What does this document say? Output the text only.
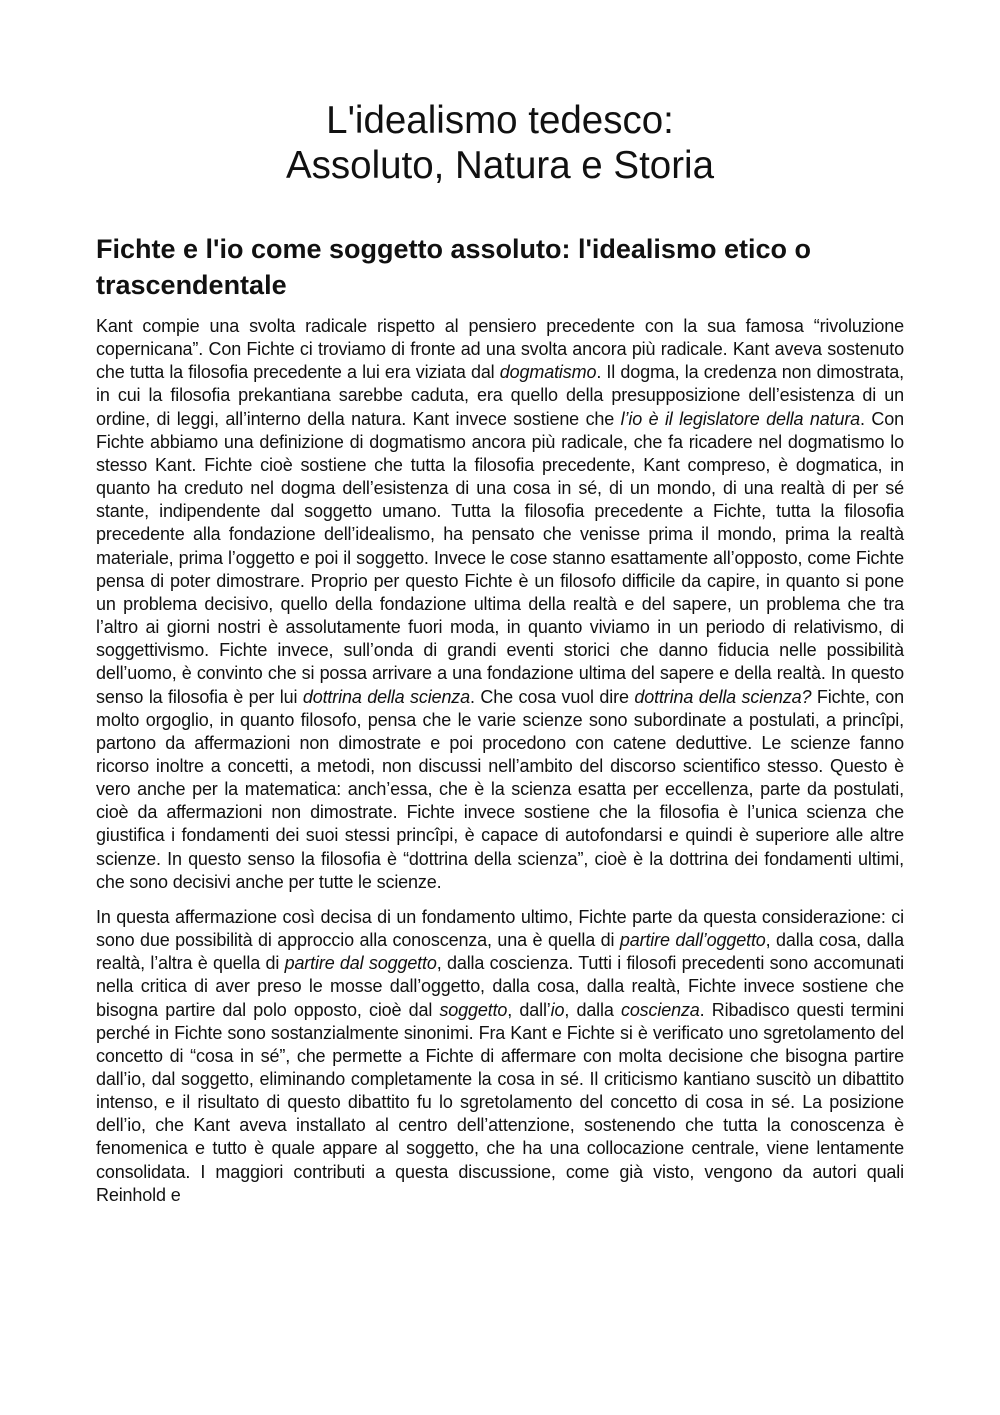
L'idealismo tedesco:
Assoluto, Natura e Storia
Fichte e l'io come soggetto assoluto: l'idealismo etico o trascendentale

Kant compie una svolta radicale rispetto al pensiero precedente con la sua famosa “rivoluzione copernicana”. Con Fichte ci troviamo di fronte ad una svolta ancora più radicale. Kant aveva sostenuto che tutta la filosofia precedente a lui era viziata dal dogmatismo. Il dogma, la credenza non dimostrata, in cui la filosofia prekantiana sarebbe caduta, era quello della presupposizione dell’esistenza di un ordine, di leggi, all’interno della natura. Kant invece sostiene che l’io è il legislatore della natura. Con Fichte abbiamo una definizione di dogmatismo ancora più radicale, che fa ricadere nel dogmatismo lo stesso Kant. Fichte cioè sostiene che tutta la filosofia precedente, Kant compreso, è dogmatica, in quanto ha creduto nel dogma dell’esistenza di una cosa in sé, di un mondo, di una realtà di per sé stante, indipendente dal soggetto umano. Tutta la filosofia precedente a Fichte, tutta la filosofia precedente alla fondazione dell’idealismo, ha pensato che venisse prima il mondo, prima la realtà materiale, prima l’oggetto e poi il soggetto. Invece le cose stanno esattamente all’opposto, come Fichte pensa di poter dimostrare. Proprio per questo Fichte è un filosofo difficile da capire, in quanto si pone un problema decisivo, quello della fondazione ultima della realtà e del sapere, un problema che tra l’altro ai giorni nostri è assolutamente fuori moda, in quanto viviamo in un periodo di relativismo, di soggettivismo. Fichte invece, sull’onda di grandi eventi storici che danno fiducia nelle possibilità dell’uomo, è convinto che si possa arrivare a una fondazione ultima del sapere e della realtà. In questo senso la filosofia è per lui dottrina della scienza. Che cosa vuol dire dottrina della scienza? Fichte, con molto orgoglio, in quanto filosofo, pensa che le varie scienze sono subordinate a postulati, a princîpi, partono da affermazioni non dimostrate e poi procedono con catene deduttive. Le scienze fanno ricorso inoltre a concetti, a metodi, non discussi nell’ambito del discorso scientifico stesso. Questo è vero anche per la matematica: anch’essa, che è la scienza esatta per eccellenza, parte da postulati, cioè da affermazioni non dimostrate. Fichte invece sostiene che la filosofia è l’unica scienza che giustifica i fondamenti dei suoi stessi princîpi, è capace di autofondarsi e quindi è superiore alle altre scienze. In questo senso la filosofia è “dottrina della scienza”, cioè è la dottrina dei fondamenti ultimi, che sono decisivi anche per tutte le scienze.

In questa affermazione così decisa di un fondamento ultimo, Fichte parte da questa considerazione: ci sono due possibilità di approccio alla conoscenza, una è quella di partire dall’oggetto, dalla cosa, dalla realtà, l’altra è quella di partire dal soggetto, dalla coscienza. Tutti i filosofi precedenti sono accomunati nella critica di aver preso le mosse dall’oggetto, dalla cosa, dalla realtà, Fichte invece sostiene che bisogna partire dal polo opposto, cioè dal soggetto, dall’io, dalla coscienza. Ribadisco questi termini perché in Fichte sono sostanzialmente sinonimi. Fra Kant e Fichte si è verificato uno sgretolamento del concetto di “cosa in sé”, che permette a Fichte di affermare con molta decisione che bisogna partire dall’io, dal soggetto, eliminando completamente la cosa in sé. Il criticismo kantiano suscitò un dibattito intenso, e il risultato di questo dibattito fu lo sgretolamento del concetto di cosa in sé. La posizione dell’io, che Kant aveva installato al centro dell’attenzione, sostenendo che tutta la conoscenza è fenomenica e tutto è quale appare al soggetto, che ha una collocazione centrale, viene lentamente consolidata. I maggiori contributi a questa discussione, come già visto, vengono da autori quali Reinhold e
